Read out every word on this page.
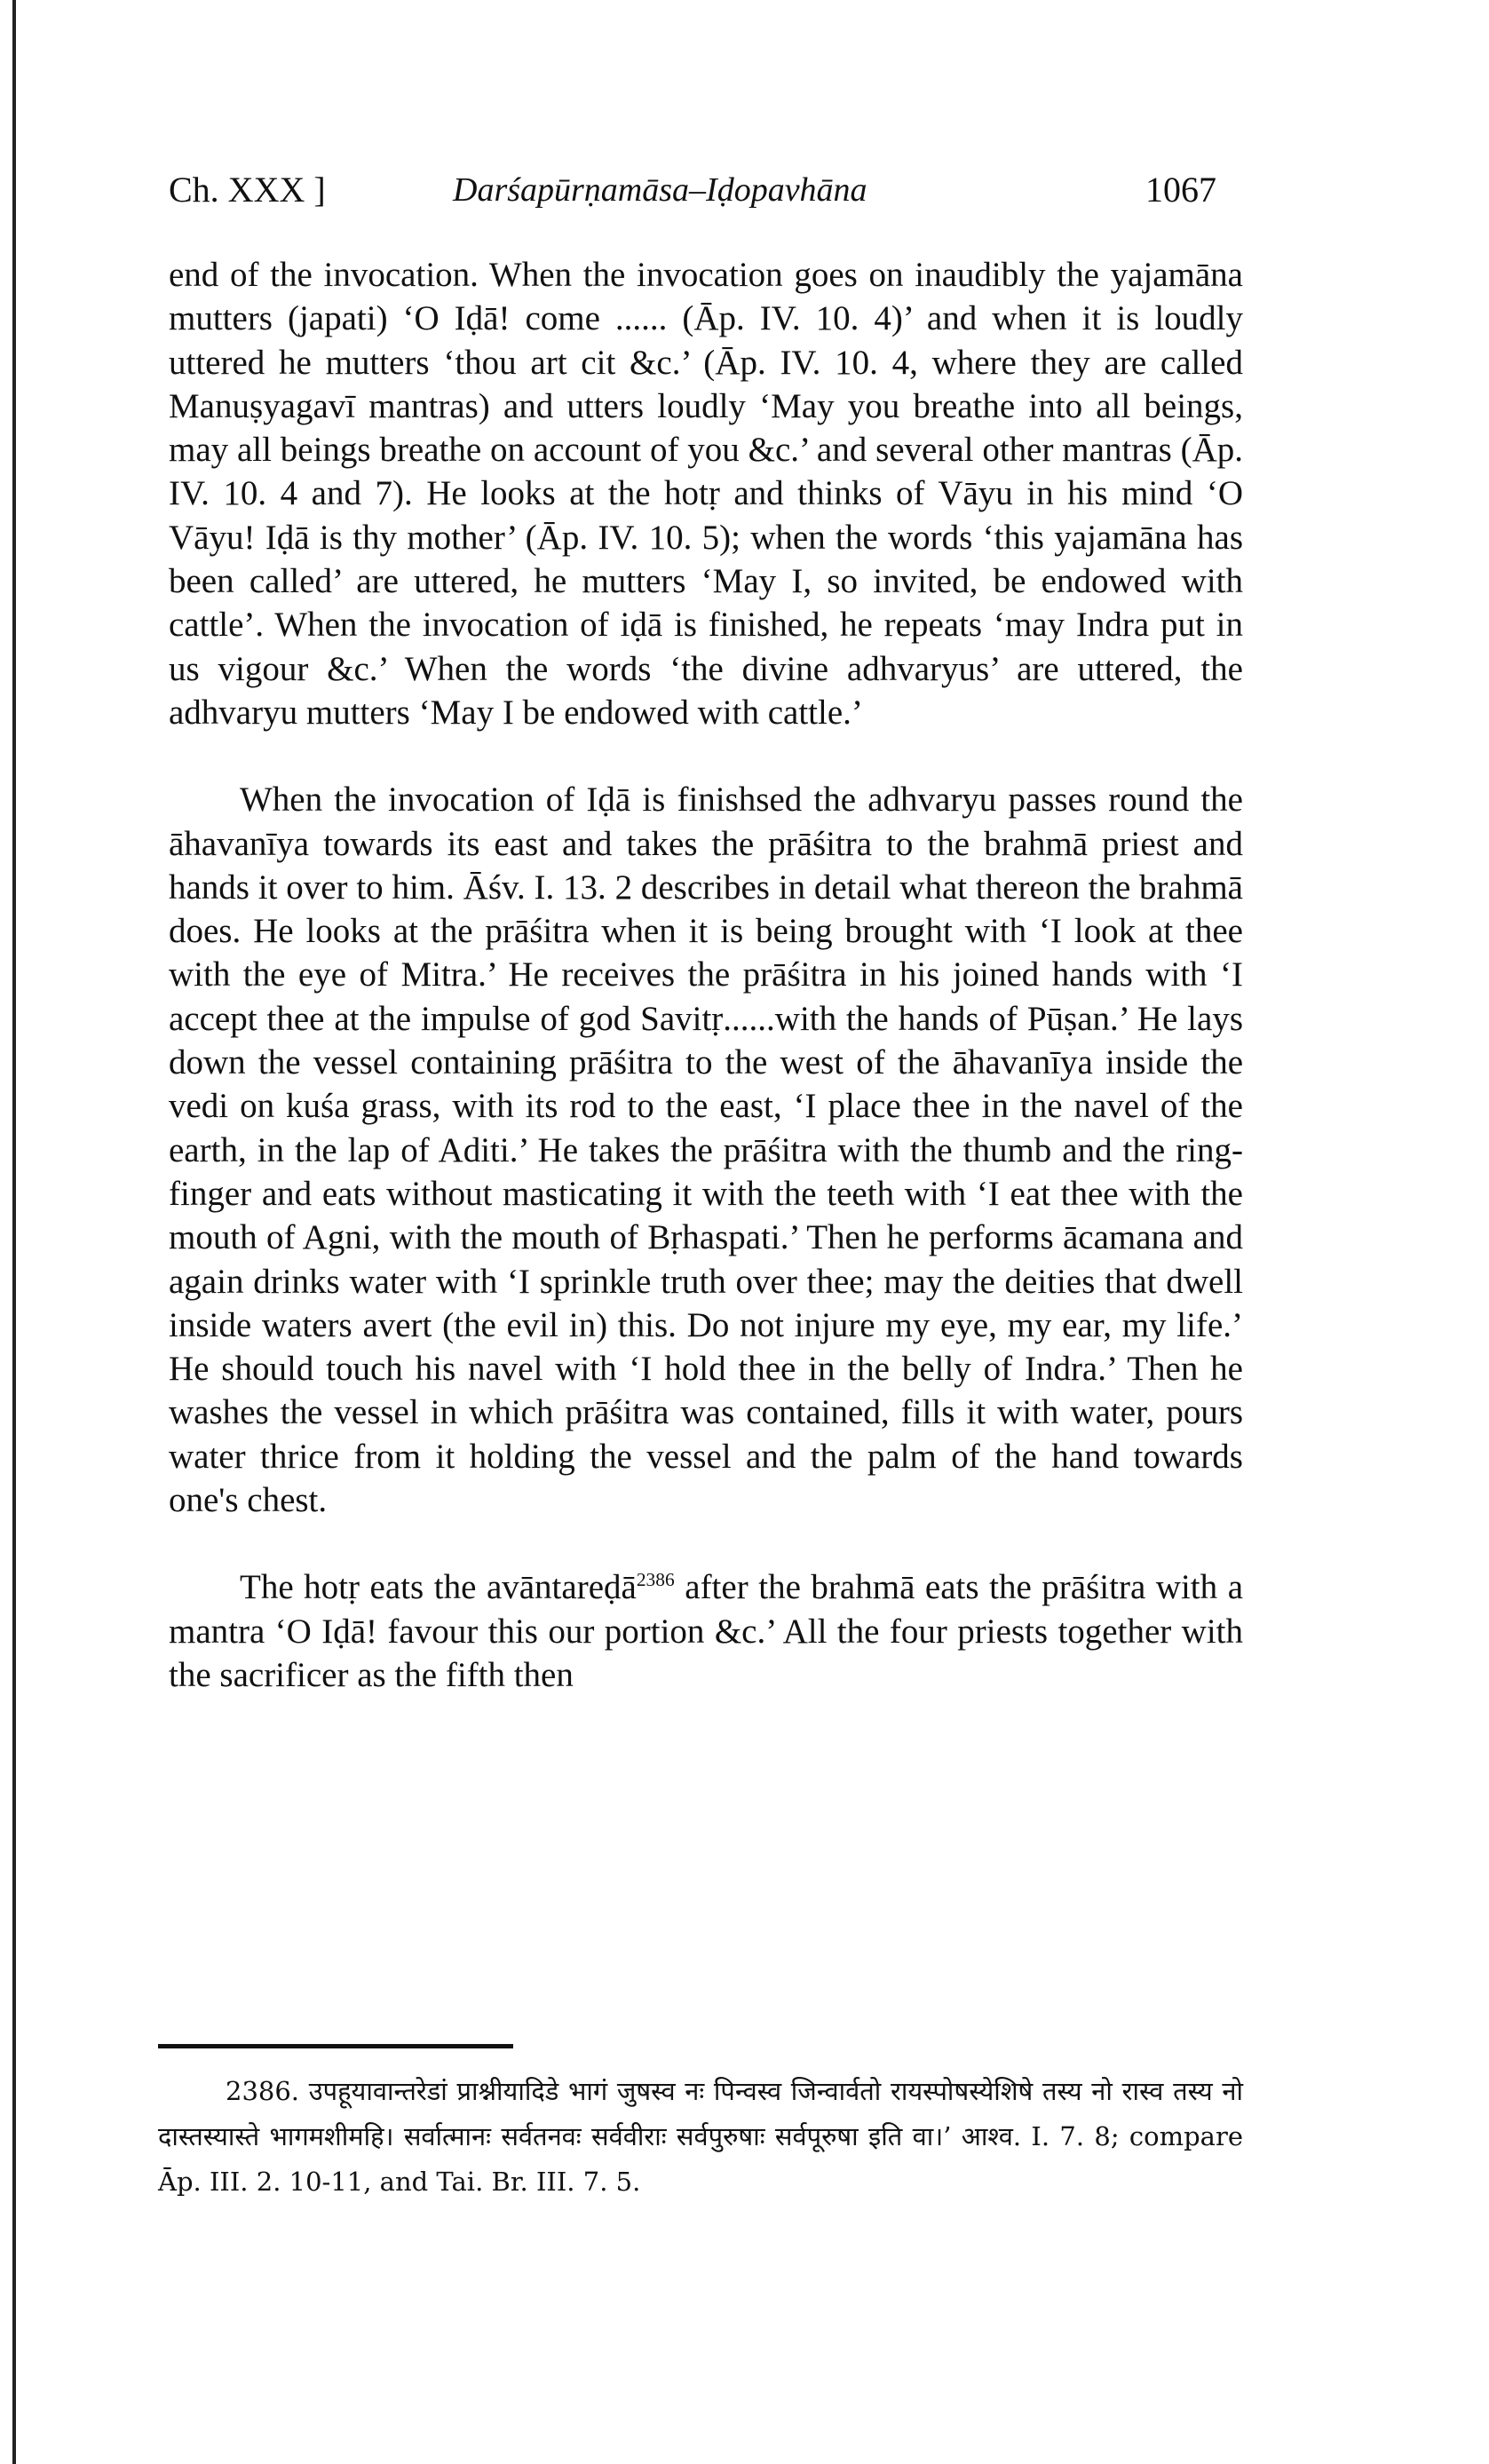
Ch. XXX ]	Darśapūrṇamāsa–Iḍopavhāna	1067

end of the invocation. When the invocation goes on inaudibly the yajamāna mutters (japati) ‘O Iḍā! come ...... (Āp. IV. 10. 4)’ and when it is loudly uttered he mutters ‘thou art cit &c.’ (Āp. IV. 10. 4, where they are called Manuṣyagavī mantras) and utters loudly ‘May you breathe into all beings, may all beings breathe on account of you &c.’ and several other mantras (Āp. IV. 10. 4 and 7). He looks at the hotṛ and thinks of Vāyu in his mind ‘O Vāyu! Iḍā is thy mother’ (Āp. IV. 10. 5); when the words ‘this yajamāna has been called’ are uttered, he mutters ‘May I, so invited, be endowed with cattle’. When the invocation of iḍā is finished, he repeats ‘may Indra put in us vigour &c.’ When the words ‘the divine adhvaryus’ are uttered, the adhvaryu mutters ‘May I be endowed with cattle.’

When the invocation of Iḍā is finishsed the adhvaryu passes round the āhavanīya towards its east and takes the prāśitra to the brahmā priest and hands it over to him. Āśv. I. 13. 2 describes in detail what thereon the brahmā does. He looks at the prāśitra when it is being brought with ‘I look at thee with the eye of Mitra.’ He receives the prāśitra in his joined hands with ‘I accept thee at the impulse of god Savitṛ......with the hands of Pūṣan.’ He lays down the vessel containing prāśitra to the west of the āhavanīya inside the vedi on kuśa grass, with its rod to the east, ‘I place thee in the navel of the earth, in the lap of Aditi.’ He takes the prāśitra with the thumb and the ring-finger and eats without masticating it with the teeth with ‘I eat thee with the mouth of Agni, with the mouth of Bṛhaspati.’ Then he performs ācamana and again drinks water with ‘I sprinkle truth over thee; may the deities that dwell inside waters avert (the evil in) this. Do not injure my eye, my ear, my life.’ He should touch his navel with ‘I hold thee in the belly of Indra.’ Then he washes the vessel in which prāśitra was contained, fills it with water, pours water thrice from it holding the vessel and the palm of the hand towards one's chest.

The hotṛ eats the avāntareḍā$^{2386}$ after the brahmā eats the prāśitra with a mantra ‘O Iḍā! favour this our portion &c.’ All the four priests together with the sacrificer as the fifth then

2386. उपहूयावान्तरेडां प्राश्नीयादिडे भागं जुषस्व नः पिन्वस्व जिन्वार्वतो रायस्पोषस्येशिषे तस्य नो रास्व तस्य नो दास्तस्यास्ते भागमशीमहि। सर्वात्मानः सर्वतनवः सर्ववीराः सर्वपुरुषाः सर्वपूरुषा इति वा।’ आश्व. I. 7. 8; compare Āp. III. 2. 10-11, and Tai. Br. III. 7. 5.
